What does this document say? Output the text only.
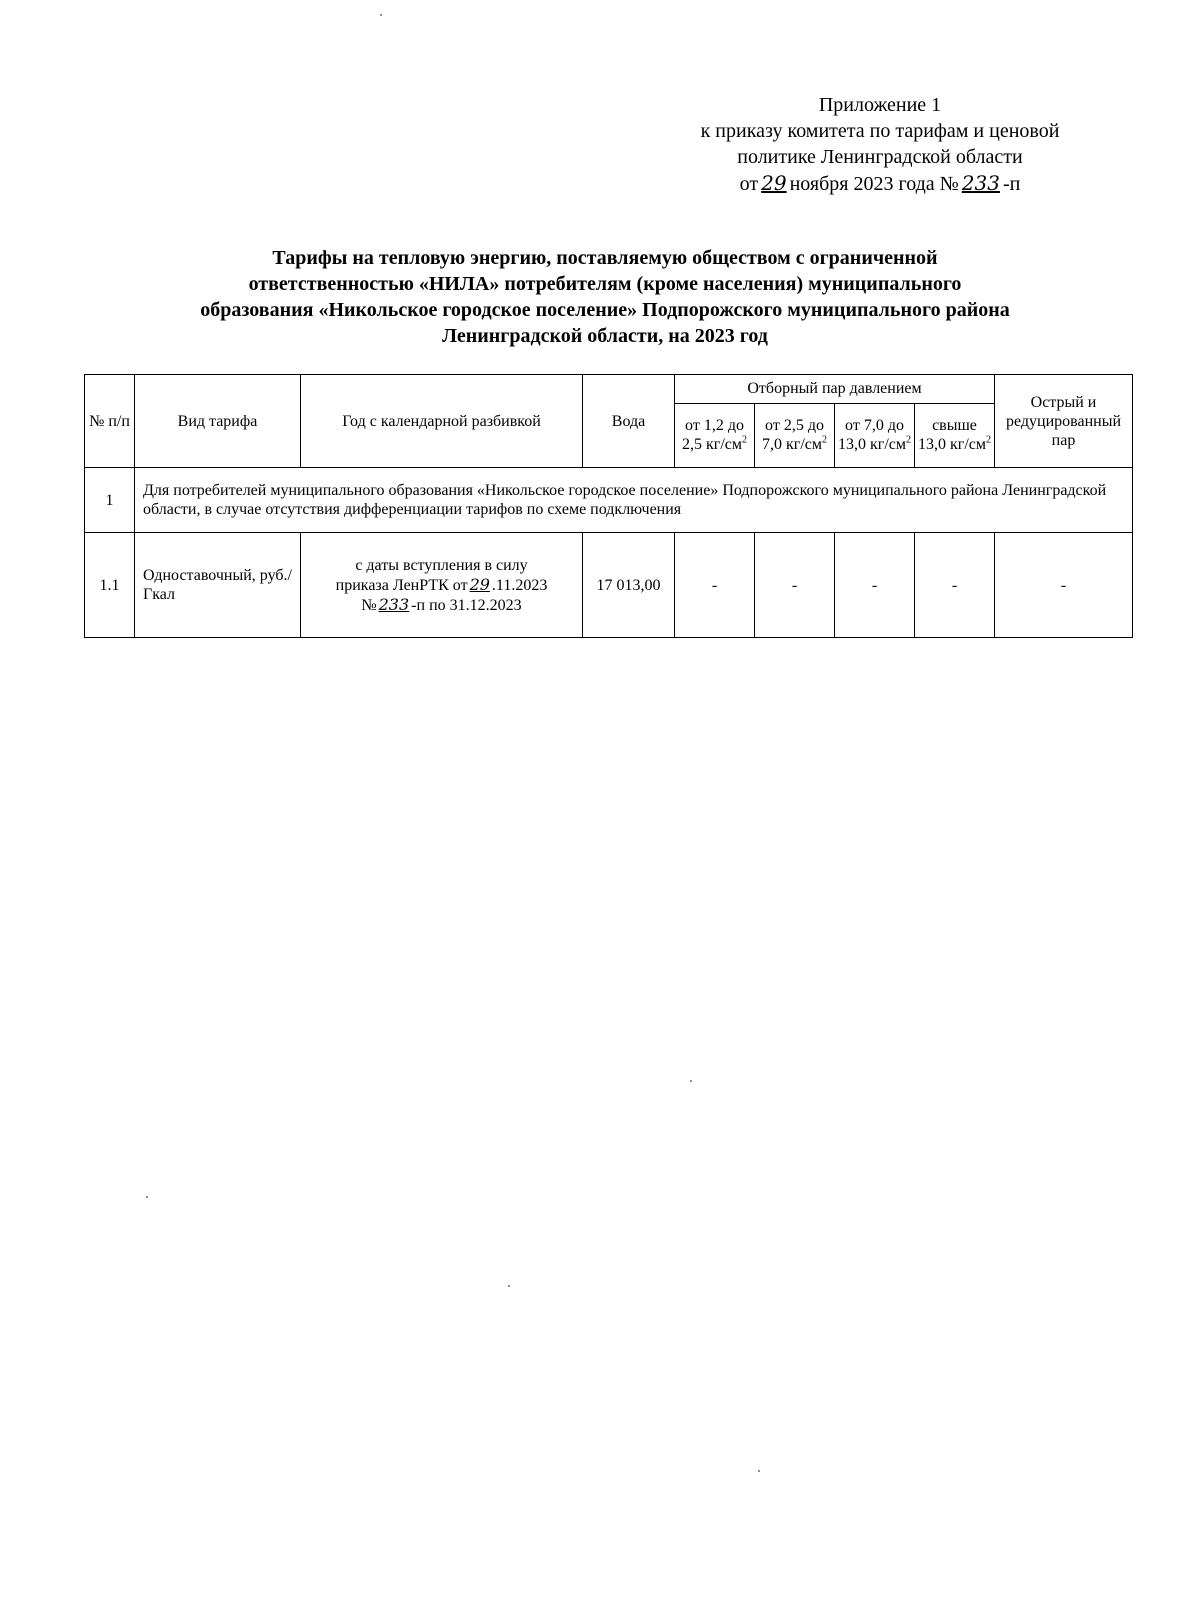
Приложение 1
к приказу комитета по тарифам и ценовой
политике Ленинградской области
от 29 ноября 2023 года № 233 -п
Тарифы на тепловую энергию, поставляемую обществом с ограниченной
ответственностью «НИЛА» потребителям (кроме населения) муниципального
образования «Никольское городское поселение» Подпорожского муниципального района
Ленинградской области, на 2023 год
№ п/п	Вид тарифа	Год с календарной разбивкой	Вода	Отборный пар давлением				Острый и редуцированный пар
				от 1,2 до 2,5 $кг/см^2$	от 2,5 до 7,0 $кг/см^2$	от 7,0 до 13,0 $кг/см^2$	свыше 13,0 $кг/см^2$
1	Для потребителей муниципального образования «Никольское городское поселение» Подпорожского муниципального района Ленинградской области, в случае отсутствия дифференциации тарифов по схеме подключения							
1.1	Одноставочный, руб./Гкал	с даты вступления в силу
приказа ЛенРТК от 29 .11.2023
№ 233 -п по 31.12.2023	17 013,00	-	-	-	-	-
